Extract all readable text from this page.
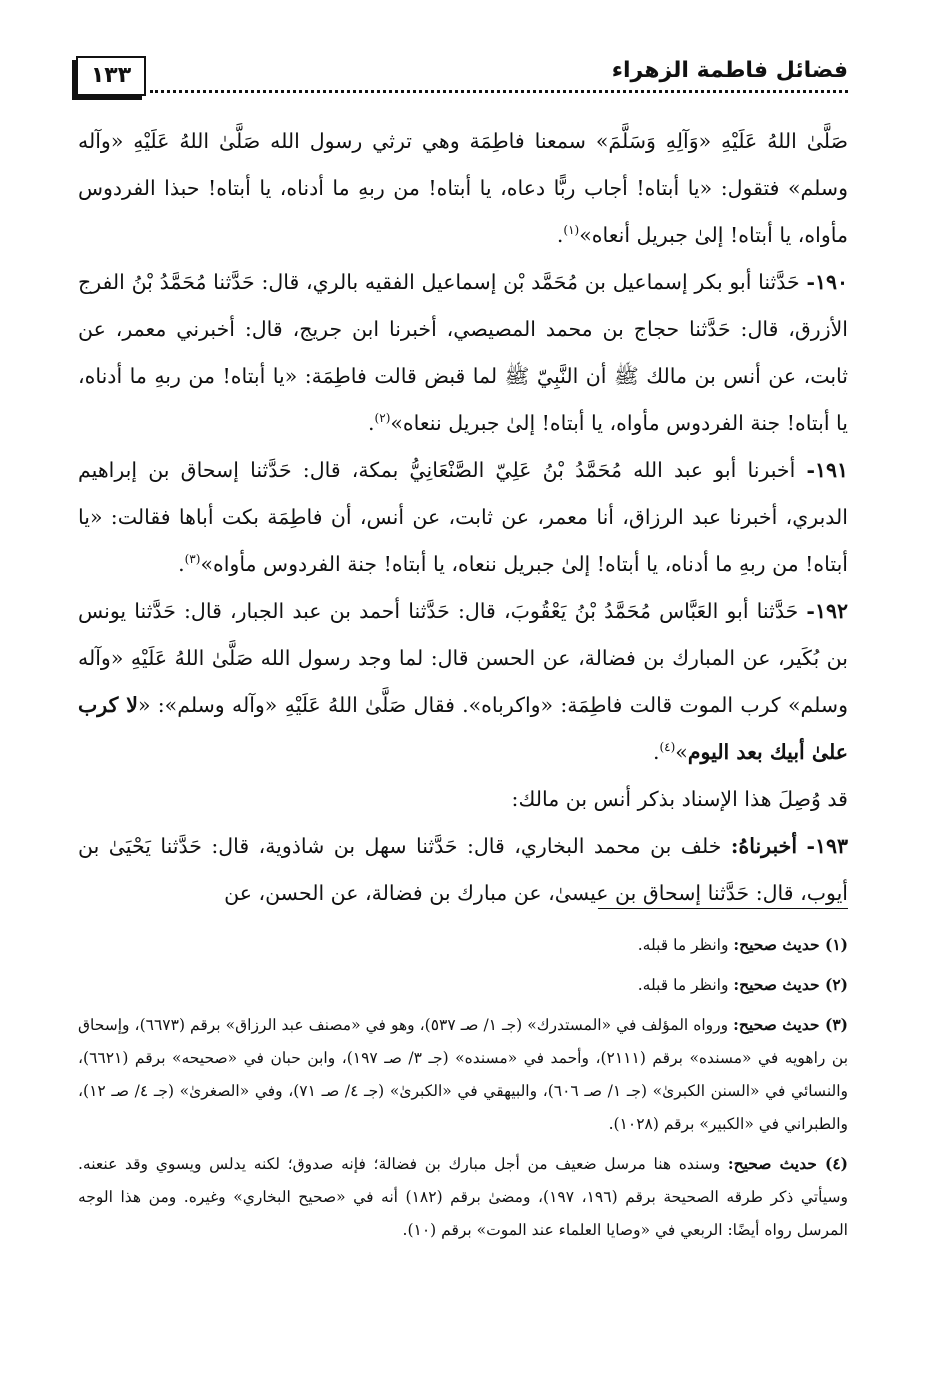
فضائل فاطمة الزهراء
١٣٣

صَلَّىٰ اللهُ عَلَيْهِ «وَآلِهِ وَسَلَّمَ» سمعنا فاطِمَة وهي ترثي رسول الله صَلَّىٰ اللهُ عَلَيْهِ «وآله وسلم» فتقول: «يا أبتاه! أجاب ربًّا دعاه، يا أبتاه! من ربهِ ما أدناه، يا أبتاه! حبذا الفردوس مأواه، يا أبتاه! إلىٰ جبريل أنعاه»$^{(١)}$.

١٩٠- حَدَّثنا أبو بكر إسماعيل بن مُحَمَّد بْن إسماعيل الفقيه بالري، قال: حَدَّثنا مُحَمَّدُ بْنُ الفرج الأزرق، قال: حَدَّثنا حجاج بن محمد المصيصي، أخبرنا ابن جريج، قال: أخبرني معمر، عن ثابت، عن أنس بن مالك ﷺ أن النَّبِيّ ﷺ لما قبض قالت فاطِمَة: «يا أبتاه! من ربهِ ما أدناه، يا أبتاه! جنة الفردوس مأواه، يا أبتاه! إلىٰ جبريل ننعاه»$^{(٢)}$.

١٩١- أخبرنا أبو عبد الله مُحَمَّدُ بْنُ عَلِيّ الصَّنْعَانِيُّ بمكة، قال: حَدَّثنا إسحاق بن إبراهيم الدبري، أخبرنا عبد الرزاق، أنا معمر، عن ثابت، عن أنس، أن فاطِمَة بكت أباها فقالت: «يا أبتاه! من ربهِ ما أدناه، يا أبتاه! إلىٰ جبريل ننعاه، يا أبتاه! جنة الفردوس مأواه»$^{(٣)}$.

١٩٢- حَدَّثنا أبو العَبَّاس مُحَمَّدُ بْنُ يَعْقُوبَ، قال: حَدَّثنا أحمد بن عبد الجبار، قال: حَدَّثنا يونس بن بُكَير، عن المبارك بن فضالة، عن الحسن قال: لما وجد رسول الله صَلَّىٰ اللهُ عَلَيْهِ «وآله وسلم» كرب الموت قالت فاطِمَة: «واكرباه». فقال صَلَّىٰ اللهُ عَلَيْهِ «وآله وسلم»: «لا كرب علىٰ أبيك بعد اليوم»$^{(٤)}$.

قد وُصِلَ هذا الإسناد بذكر أنس بن مالك:

١٩٣- أخبرناهُ: خلف بن محمد البخاري، قال: حَدَّثنا سهل بن شاذوية، قال: حَدَّثنا يَحْيَىٰ بن أيوب، قال: حَدَّثنا إسحاق بن عيسىٰ، عن مبارك بن فضالة، عن الحسن، عن

(١) حديث صحيح: وانظر ما قبله.

(٢) حديث صحيح: وانظر ما قبله.

(٣) حديث صحيح: ورواه المؤلف في «المستدرك» (جـ ١/ صـ ٥٣٧)، وهو في «مصنف عبد الرزاق» برقم (٦٦٧٣)، وإسحاق بن راهويه في «مسنده» برقم (٢١١١)، وأحمد في «مسنده» (جـ ٣/ صـ ١٩٧)، وابن حبان في «صحيحه» برقم (٦٦٢١)، والنسائي في «السنن الكبرىٰ» (جـ ١/ صـ ٦٠٦)، والبيهقي في «الكبرىٰ» (جـ ٤/ صـ ٧١)، وفي «الصغرىٰ» (جـ ٤/ صـ ١٢)، والطبراني في «الكبير» برقم (١٠٢٨).

(٤) حديث صحيح: وسنده هنا مرسل ضعيف من أجل مبارك بن فضالة؛ فإنه صدوق؛ لكنه يدلس ويسوي وقد عنعنه. وسيأتي ذكر طرقه الصحيحة برقم (١٩٦، ١٩٧)، ومضىٰ برقم (١٨٢) أنه في «صحيح البخاري» وغيره. ومن هذا الوجه المرسل رواه أيضًا: الربعي في «وصايا العلماء عند الموت» برقم (١٠).
